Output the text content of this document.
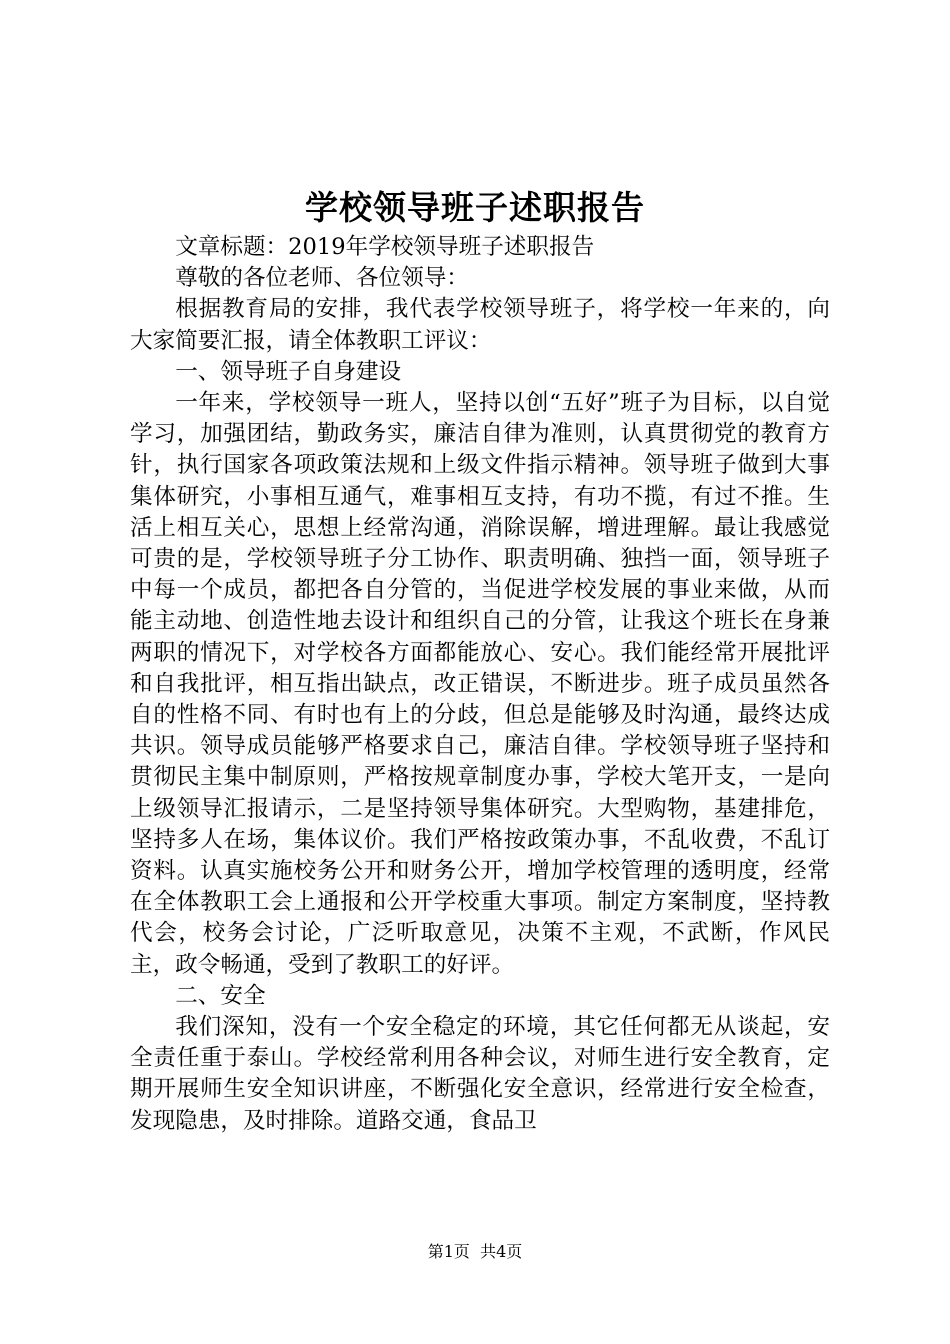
学校领导班子述职报告

文章标题：2019年学校领导班子述职报告

尊敬的各位老师、各位领导：

根据教育局的安排，我代表学校领导班子，将学校一年来的，向大家简要汇报，请全体教职工评议：

一、领导班子自身建设

一年来，学校领导一班人，坚持以创“五好”班子为目标，以自觉学习，加强团结，勤政务实，廉洁自律为准则，认真贯彻党的教育方针，执行国家各项政策法规和上级文件指示精神。领导班子做到大事集体研究，小事相互通气，难事相互支持，有功不揽，有过不推。生活上相互关心，思想上经常沟通，消除误解，增进理解。最让我感觉可贵的是，学校领导班子分工协作、职责明确、独挡一面，领导班子中每一个成员，都把各自分管的，当促进学校发展的事业来做，从而能主动地、创造性地去设计和组织自己的分管，让我这个班长在身兼两职的情况下，对学校各方面都能放心、安心。我们能经常开展批评和自我批评，相互指出缺点，改正错误，不断进步。班子成员虽然各自的性格不同、有时也有上的分歧，但总是能够及时沟通，最终达成共识。领导成员能够严格要求自己，廉洁自律。学校领导班子坚持和贯彻民主集中制原则，严格按规章制度办事，学校大笔开支，一是向上级领导汇报请示，二是坚持领导集体研究。大型购物，基建排危，坚持多人在场，集体议价。我们严格按政策办事，不乱收费，不乱订资料。认真实施校务公开和财务公开，增加学校管理的透明度，经常在全体教职工会上通报和公开学校重大事项。制定方案制度，坚持教代会，校务会讨论，广泛听取意见，决策不主观，不武断，作风民主，政令畅通，受到了教职工的好评。

二、安全

我们深知，没有一个安全稳定的环境，其它任何都无从谈起，安全责任重于泰山。学校经常利用各种会议，对师生进行安全教育，定期开展师生安全知识讲座，不断强化安全意识，经常进行安全检查，发现隐患，及时排除。道路交通，食品卫

第1页 共4页
